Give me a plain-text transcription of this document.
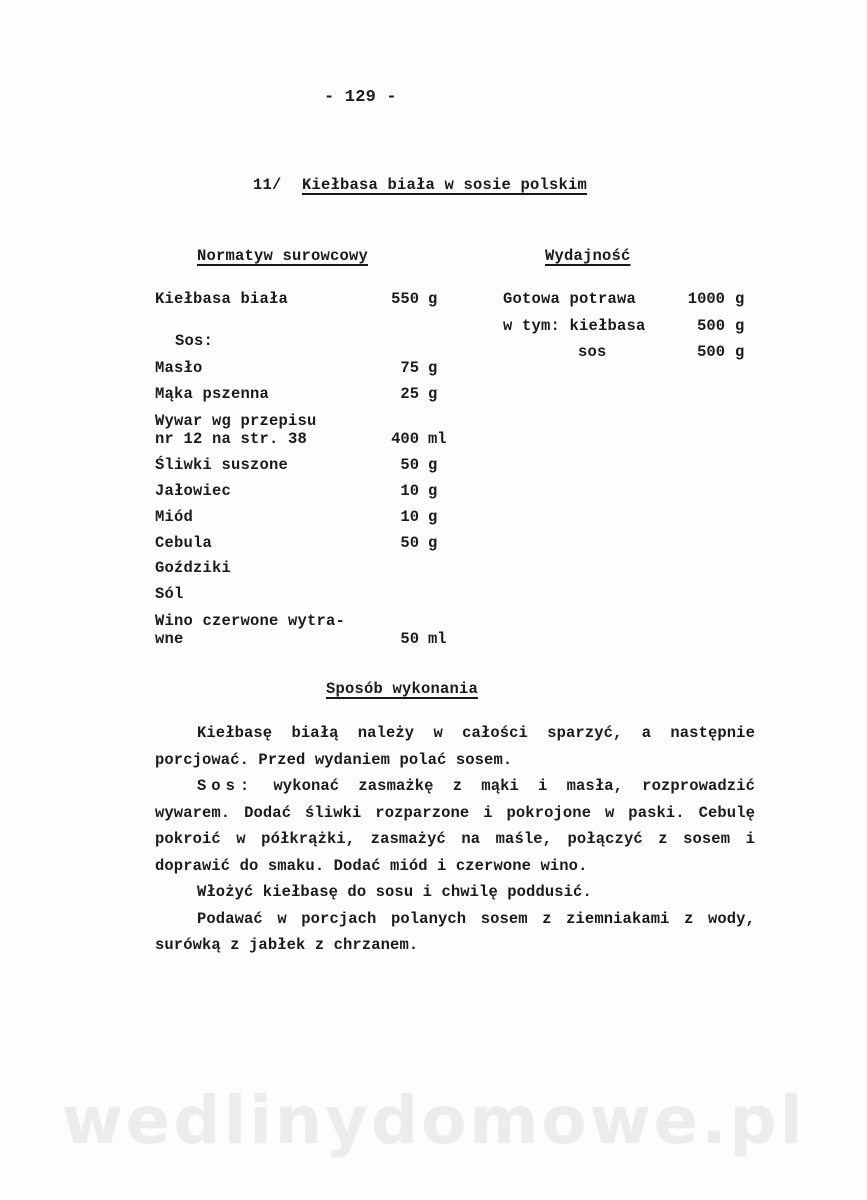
- 129 -
11/ Kiełbasa biała w sosie polskim
Normatyw surowcowy	Wydajność
Kiełbasa biała	550 g
Sos:
Masło	75 g
Mąka pszenna	25 g
Wywar wg przepisu
nr 12 na str. 38	400 ml
Śliwki suszone	50 g
Jałowiec	10 g
Miód	10 g
Cebula	50 g
Goździki
Sól
Wino czerwone wytra-
wne	50 ml
Gotowa potrawa	1000 g
w tym: kiełbasa	500 g
sos	500 g
Sposób wykonania

Kiełbasę białą należy w całości sparzyć, a następnie porcjować. Przed wydaniem polać sosem.

Sos: wykonać zasmażkę z mąki i masła, rozprowadzić wywarem. Dodać śliwki rozparzone i pokrojone w paski. Cebulę pokroić w półkrążki, zasmażyć na maśle, połączyć z sosem i doprawić do smaku. Dodać miód i czerwone wino.

Włożyć kiełbasę do sosu i chwilę poddusić.

Podawać w porcjach polanych sosem z ziemniakami z wody, surówką z jabłek z chrzanem.

wedlinydomowe.pl
